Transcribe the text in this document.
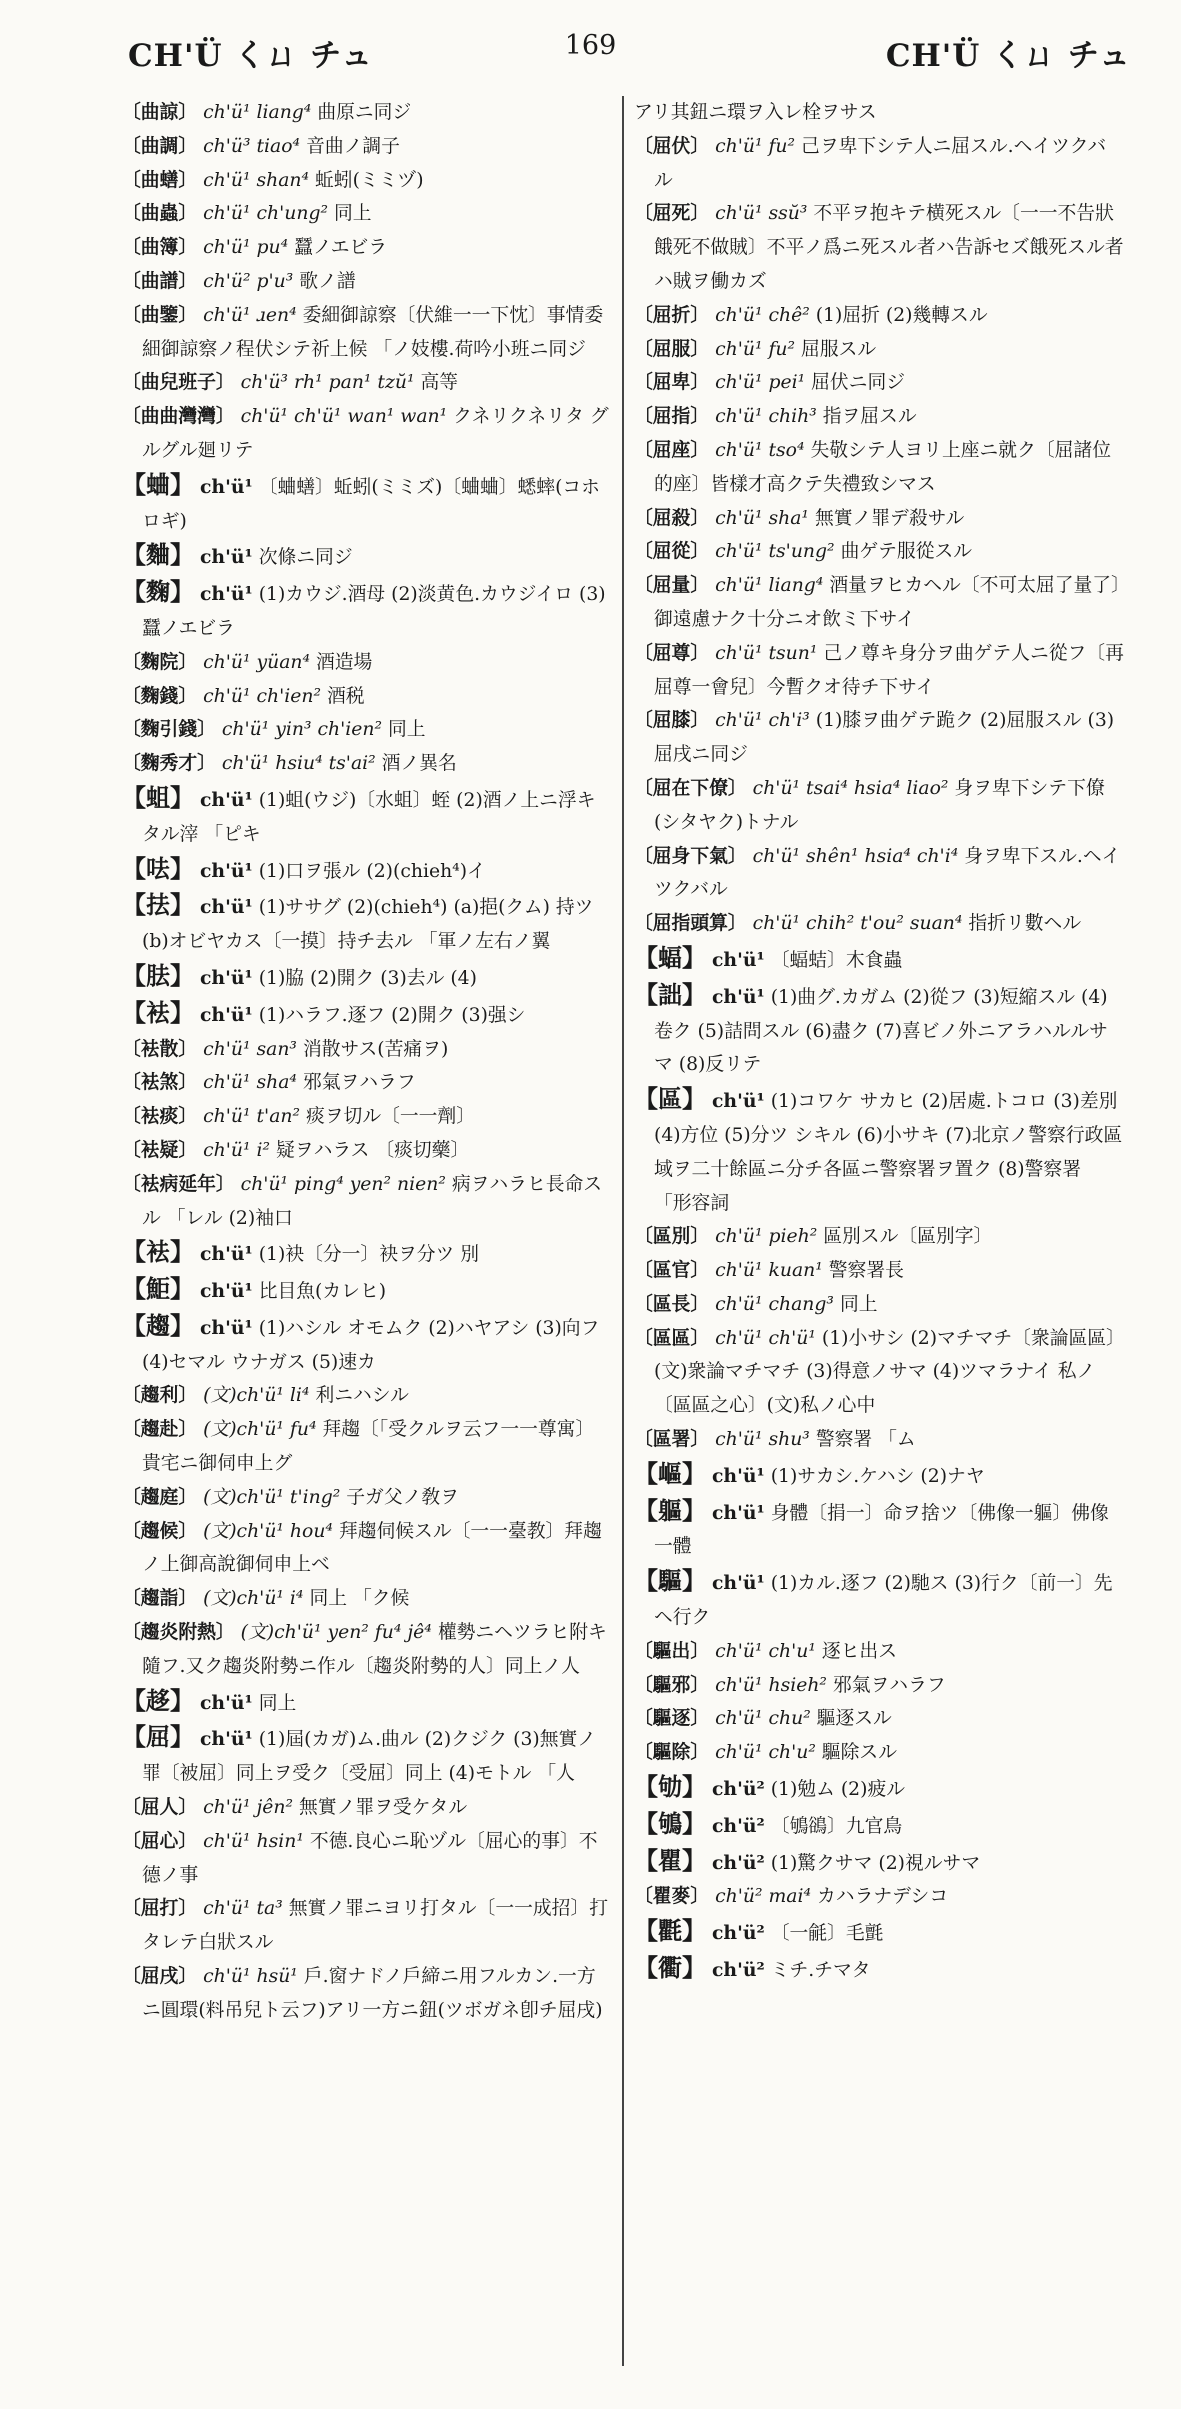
CH'Ü くㄩ チュ	169	CH'Ü くㄩ チュ
〔曲諒〕 ch'ü¹ liang⁴ 曲原ニ同ジ
〔曲調〕 ch'ü³ tiao⁴ 音曲ノ調子
〔曲蟮〕 ch'ü¹ shan⁴ 蚯蚓(ミミヅ)
〔曲蟲〕 ch'ü¹ ch'ung² 同上
〔曲簿〕 ch'ü¹ pu⁴ 蠶ノエビラ
〔曲譜〕 ch'ü² p'u³ 歌ノ譜
〔曲鑒〕 ch'ü¹ ɹen⁴ 委細御諒察〔伏維一一下忱〕事情委細御諒察ノ程伏シテ祈上候 「ノ妓樓.荷吟小班ニ同ジ
〔曲兒班子〕 ch'ü³ rh¹ pan¹ tzŭ¹ 高等
〔曲曲灣灣〕 ch'ü¹ ch'ü¹ wan¹ wan¹ クネリクネリタ グルグル廻リテ
【蛐】 ch'ü¹ 〔蛐蟮〕蚯蚓(ミミズ)〔蛐蛐〕蟋蟀(コホロギ)
【麯】 ch'ü¹ 次條ニ同ジ
【麴】 ch'ü¹ (1)カウジ.酒母 (2)淡黄色.カウジイロ (3)蠶ノエビラ
〔麴院〕 ch'ü¹ yüan⁴ 酒造場
〔麴錢〕 ch'ü¹ ch'ien² 酒税
〔麴引錢〕 ch'ü¹ yin³ ch'ien² 同上
〔麴秀才〕 ch'ü¹ hsiu⁴ ts'ai² 酒ノ異名
【蛆】 ch'ü¹ (1)蛆(ウジ)〔水蛆〕蛭 (2)酒ノ上ニ浮キタル滓 「ピキ
【呿】 ch'ü¹ (1)口ヲ張ル (2)(chieh⁴)イ
【抾】 ch'ü¹ (1)ササグ (2)(chieh⁴) (a)挹(クム) 持ツ (b)オビヤカス〔一摸〕持チ去ル 「軍ノ左右ノ翼
【胠】 ch'ü¹ (1)脇 (2)開ク (3)去ル (4)
【袪】 ch'ü¹ (1)ハラフ.逐フ (2)開ク (3)强シ
〔袪散〕 ch'ü¹ san³ 消散サス(苦痛ヲ)
〔袪煞〕 ch'ü¹ sha⁴ 邪氣ヲハラフ
〔袪痰〕 ch'ü¹ t'an² 痰ヲ切ル〔一一劑〕
〔袪疑〕 ch'ü¹ i² 疑ヲハラス 〔痰切藥〕
〔袪病延年〕 ch'ü¹ ping⁴ yen² nien² 病ヲハラヒ長命スル 「レル (2)袖口
【袪】 ch'ü¹ (1)袂〔分一〕袂ヲ分ツ 別
【鮔】 ch'ü¹ 比目魚(カレヒ)
【趨】 ch'ü¹ (1)ハシル オモムク (2)ハヤアシ (3)向フ (4)セマル ウナガス (5)速カ
〔趨利〕 (文)ch'ü¹ li⁴ 利ニハシル
〔趨赴〕 (文)ch'ü¹ fu⁴ 拜趨〔「受クルヲ云フ一一尊寓〕貴宅ニ御伺申上グ
〔趨庭〕 (文)ch'ü¹ t'ing² 子ガ父ノ敎ヲ
〔趨候〕 (文)ch'ü¹ hou⁴ 拜趨伺候スル〔一一臺教〕拜趨ノ上御高說御伺申上ベ
〔趨詣〕 (文)ch'ü¹ i⁴ 同上 「ク候
〔趨炎附熱〕 (文)ch'ü¹ yen² fu⁴ jê⁴ 權勢ニヘツラヒ附キ隨フ.又ク趨炎附勢ニ作ル〔趨炎附勢的人〕同上ノ人
【趍】 ch'ü¹ 同上
【屈】 ch'ü¹ (1)屆(カガ)ム.曲ル (2)クジク (3)無實ノ罪〔被屈〕同上ヲ受ク〔受屈〕同上 (4)モトル 「人
〔屈人〕 ch'ü¹ jên² 無實ノ罪ヲ受ケタル
〔屈心〕 ch'ü¹ hsin¹ 不德.良心ニ恥ヅル〔屈心的事〕不德ノ事
〔屈打〕 ch'ü¹ ta³ 無實ノ罪ニヨリ打タル〔一一成招〕打タレテ白狀スル
〔屈戌〕 ch'ü¹ hsü¹ 戶.窗ナドノ戶締ニ用フルカン.一方ニ圓環(料吊兒ト云フ)アリ一方ニ鈕(ツボガネ卽チ屈戌)
アリ其鈕ニ環ヲ入レ栓ヲサス
〔屈伏〕 ch'ü¹ fu² 己ヲ卑下シテ人ニ屈スル.ヘイツクバル
〔屈死〕 ch'ü¹ ssŭ³ 不平ヲ抱キテ横死スル〔一一不告狀餓死不做賊〕不平ノ爲ニ死スル者ハ告訴セズ餓死スル者ハ賊ヲ働カズ
〔屈折〕 ch'ü¹ chê² (1)屈折 (2)幾轉スル
〔屈服〕 ch'ü¹ fu² 屈服スル
〔屈卑〕 ch'ü¹ pei¹ 屈伏ニ同ジ
〔屈指〕 ch'ü¹ chih³ 指ヲ屈スル
〔屈座〕 ch'ü¹ tso⁴ 失敬シテ人ヨリ上座ニ就ク〔屈諸位的座〕皆樣才高クテ失禮致シマス
〔屈殺〕 ch'ü¹ sha¹ 無實ノ罪デ殺サル
〔屈從〕 ch'ü¹ ts'ung² 曲ゲテ服從スル
〔屈量〕 ch'ü¹ liang⁴ 酒量ヲヒカヘル〔不可太屈了量了〕御遠慮ナク十分ニオ飲ミ下サイ
〔屈尊〕 ch'ü¹ tsun¹ 己ノ尊キ身分ヲ曲ゲテ人ニ從フ〔再屈尊一會兒〕今暫クオ待チ下サイ
〔屈膝〕 ch'ü¹ ch'i³ (1)膝ヲ曲ゲテ跪ク (2)屈服スル (3)屈戌ニ同ジ
〔屈在下僚〕 ch'ü¹ tsai⁴ hsia⁴ liao² 身ヲ卑下シテ下僚(シタヤク)トナル
〔屈身下氣〕 ch'ü¹ shên¹ hsia⁴ ch'i⁴ 身ヲ卑下スル.ヘイツクバル
〔屈指頭算〕 ch'ü¹ chih² t'ou² suan⁴ 指折リ數ヘル
【蝠】 ch'ü¹ 〔蝠蛣〕木食蟲
【詘】 ch'ü¹ (1)曲グ.カガム (2)從フ (3)短縮スル (4)卷ク (5)詰問スル (6)盡ク (7)喜ビノ外ニアラハルルサマ (8)反リテ
【區】 ch'ü¹ (1)コワケ サカヒ (2)居處.トコロ (3)差別 (4)方位 (5)分ツ シキル (6)小サキ (7)北京ノ警察行政區域ヲ二十餘區ニ分チ各區ニ警察署ヲ置ク (8)警察署 「形容詞
〔區別〕 ch'ü¹ pieh² 區別スル〔區別字〕
〔區官〕 ch'ü¹ kuan¹ 警察署長
〔區長〕 ch'ü¹ chang³ 同上
〔區區〕 ch'ü¹ ch'ü¹ (1)小サシ (2)マチマチ〔衆論區區〕(文)衆論マチマチ (3)得意ノサマ (4)ツマラナイ 私ノ〔區區之心〕(文)私ノ心中
〔區署〕 ch'ü¹ shu³ 警察署 「ム
【嶇】 ch'ü¹ (1)サカシ.ケハシ (2)ナヤ
【軀】 ch'ü¹ 身體〔捐一〕命ヲ捨ツ〔佛像一軀〕佛像一體
【驅】 ch'ü¹ (1)カル.逐フ (2)馳ス (3)行ク〔前一〕先ヘ行ク
〔驅出〕 ch'ü¹ ch'u¹ 逐ヒ出ス
〔驅邪〕 ch'ü¹ hsieh² 邪氣ヲハラフ
〔驅逐〕 ch'ü¹ chu² 驅逐スル
〔驅除〕 ch'ü¹ ch'u² 驅除スル
【劬】 ch'ü² (1)勉ム (2)疲ル
【鴝】 ch'ü² 〔鴝鵒〕九官鳥
【瞿】 ch'ü² (1)驚クサマ (2)視ルサマ
〔瞿麥〕 ch'ü² mai⁴ カハラナデシコ
【氍】 ch'ü² 〔一毹〕毛氈
【衢】 ch'ü² ミチ.チマタ
